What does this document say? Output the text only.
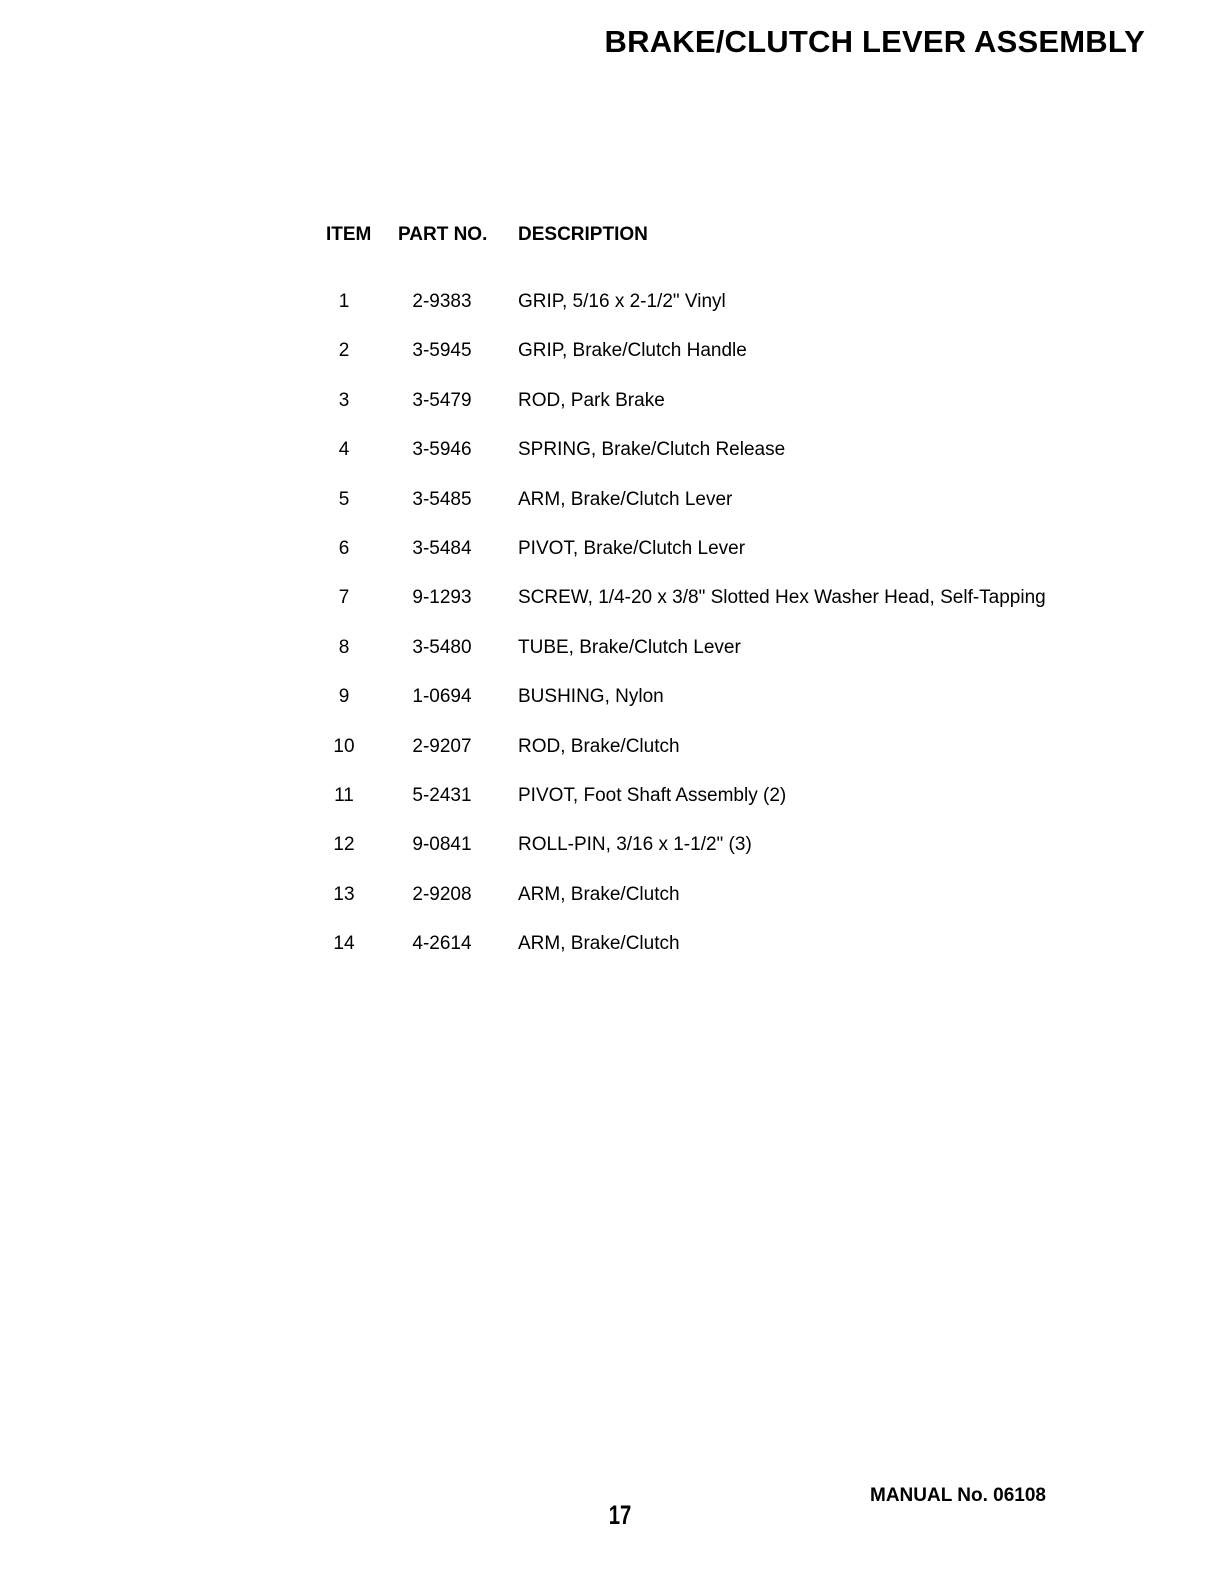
BRAKE/CLUTCH LEVER ASSEMBLY
ITEM PART NO. DESCRIPTION
1	2-9383	GRIP, 5/16 x 2-1/2" Vinyl
2	3-5945	GRIP, Brake/Clutch Handle
3	3-5479	ROD, Park Brake
4	3-5946	SPRING, Brake/Clutch Release
5	3-5485	ARM, Brake/Clutch Lever
6	3-5484	PIVOT, Brake/Clutch Lever
7	9-1293	SCREW, 1/4-20 x 3/8" Slotted Hex Washer Head, Self-Tapping
8	3-5480	TUBE, Brake/Clutch Lever
9	1-0694	BUSHING, Nylon
10	2-9207	ROD, Brake/Clutch
11	5-2431	PIVOT, Foot Shaft Assembly (2)
12	9-0841	ROLL-PIN, 3/16 x 1-1/2" (3)
13	2-9208	ARM, Brake/Clutch
14	4-2614	ARM, Brake/Clutch
MANUAL No. 06108
17
